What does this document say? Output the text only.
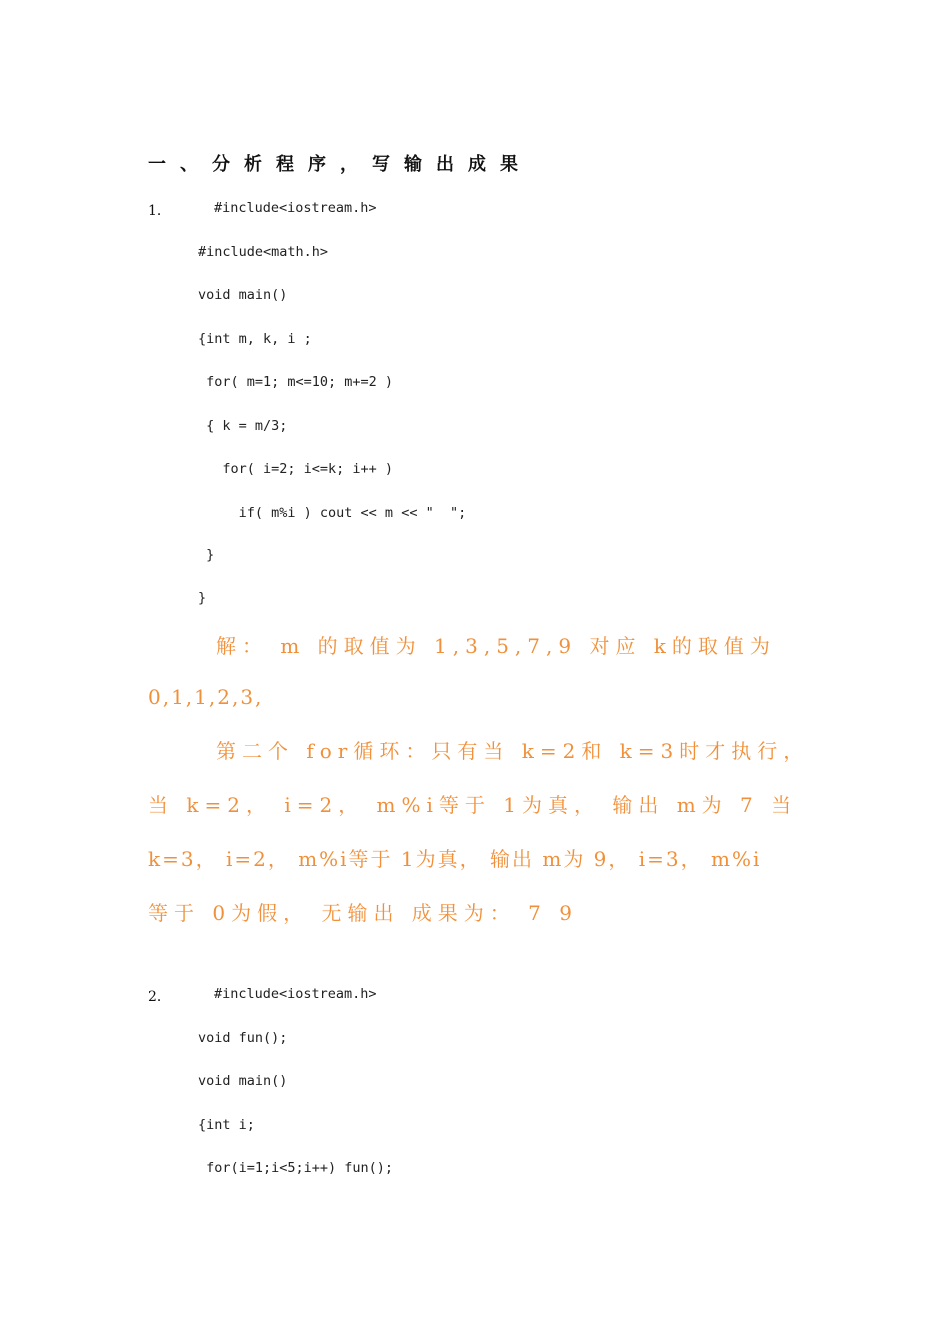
一、分析程序，写输出成果
1．	#include<iostream.h>
#include<math.h>
void main()
{int m, k, i ;
for( m=1; m<=10; m+=2 )
{ k = m/3;
for( i=2; i<=k; i++ )
if( m%i ) cout << m << "  ";
}
}
解： m 的取值为 1,3,5,7,9 对应 k的取值为
0,1,1,2,3,
第二个 for循环：只有当 k=2和 k=3时才执行，
当 k=2， i=2， m%i等于 1为真， 输出 m为 7 当
k=3， i=2， m%i等于 1为真， 输出 m为 9， i=3， m%i
等于 0为假， 无输出 成果为： 7 9
2．	#include<iostream.h>
void fun();
void main()
{int i;
for(i=1;i<5;i++) fun();
